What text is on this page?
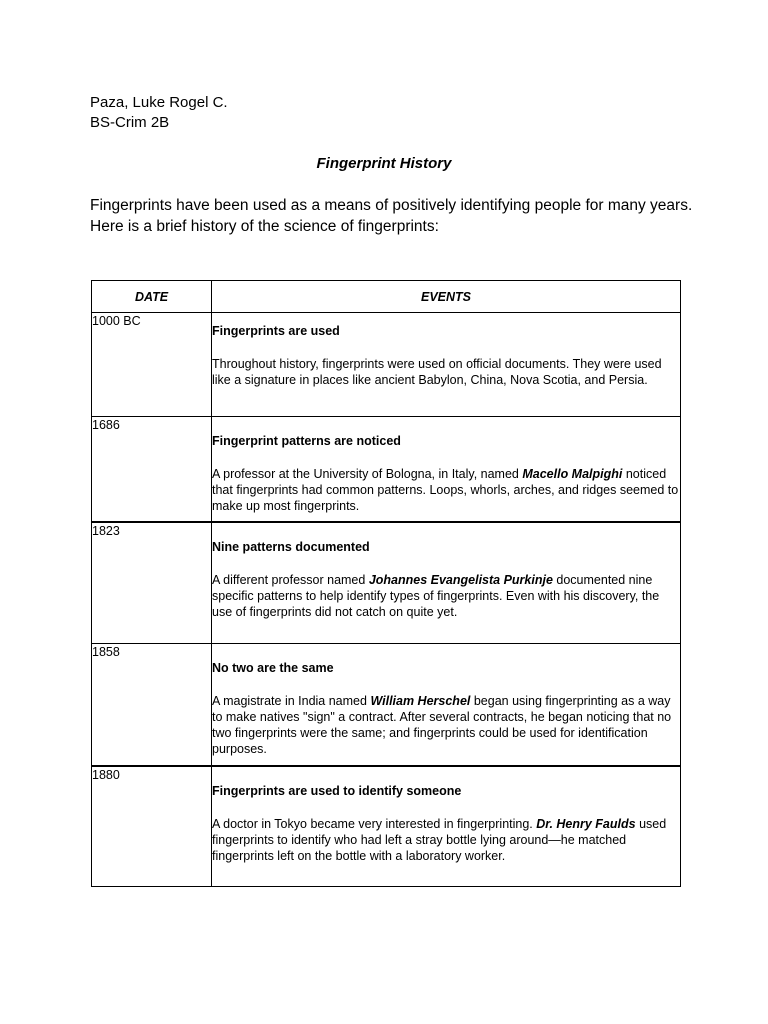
Paza, Luke Rogel C.
BS-Crim 2B
Fingerprint History
Fingerprints have been used as a means of positively identifying people for many years.
Here is a brief history of the science of fingerprints:
DATE	EVENTS
1000 BC	Fingerprints are used
Throughout history, fingerprints were used on official documents. They were used like a signature in places like ancient Babylon, China, Nova Scotia, and Persia.

1686	Fingerprint patterns are noticed
A professor at the University of Bologna, in Italy, named Macello Malpighi noticed that fingerprints had common patterns. Loops, whorls, arches, and ridges seemed to make up most fingerprints.

1823	Nine patterns documented
A different professor named Johannes Evangelista Purkinje documented nine specific patterns to help identify types of fingerprints. Even with his discovery, the use of fingerprints did not catch on quite yet.

1858	No two are the same
A magistrate in India named William Herschel began using fingerprinting as a way to make natives "sign" a contract. After several contracts, he began noticing that no two fingerprints were the same; and fingerprints could be used for identification purposes.

1880	Fingerprints are used to identify someone
A doctor in Tokyo became very interested in fingerprinting. Dr. Henry Faulds used fingerprints to identify who had left a stray bottle lying around—he matched fingerprints left on the bottle with a laboratory worker.
